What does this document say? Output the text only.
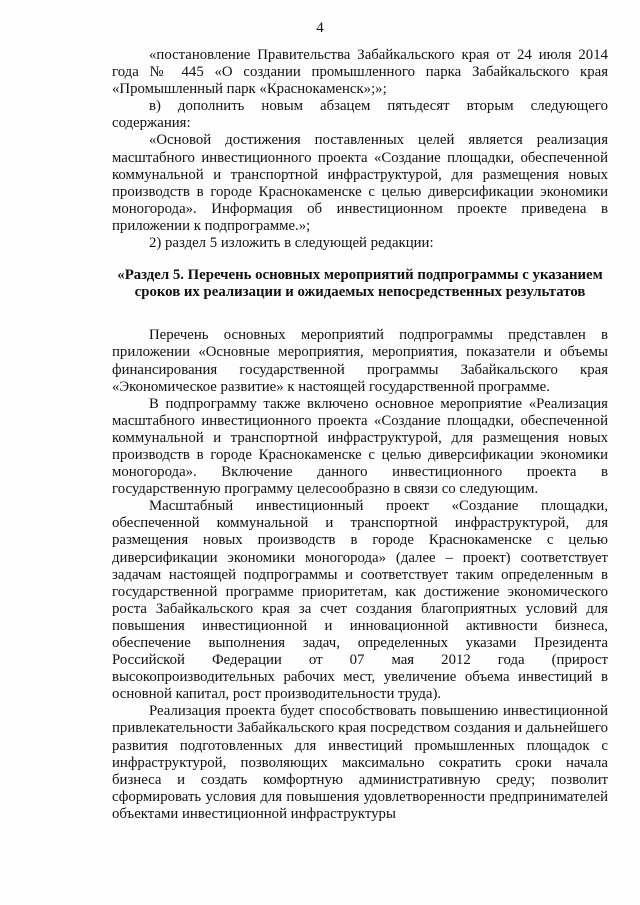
4

«постановление Правительства Забайкальского края от 24 июля 2014 года № 445 «О создании промышленного парка Забайкальского края «Промышленный парк «Краснокаменск»;»;

в) дополнить новым абзацем пятьдесят вторым следующего содержания:

«Основой достижения поставленных целей является реализация масштабного инвестиционного проекта «Создание площадки, обеспеченной коммунальной и транспортной инфраструктурой, для размещения новых производств в городе Краснокаменске с целью диверсификации экономики моногорода». Информация об инвестиционном проекте приведена в приложении к подпрограмме.»;

2) раздел 5 изложить в следующей редакции:

«Раздел 5. Перечень основных мероприятий подпрограммы с указанием сроков их реализации и ожидаемых непосредственных результатов

Перечень основных мероприятий подпрограммы представлен в приложении «Основные мероприятия, мероприятия, показатели и объемы финансирования государственной программы Забайкальского края «Экономическое развитие» к настоящей государственной программе.

В подпрограмму также включено основное мероприятие «Реализация масштабного инвестиционного проекта «Создание площадки, обеспеченной коммунальной и транспортной инфраструктурой, для размещения новых производств в городе Краснокаменске с целью диверсификации экономики моногорода». Включение данного инвестиционного проекта в государственную программу целесообразно в связи со следующим.

Масштабный инвестиционный проект «Создание площадки, обеспеченной коммунальной и транспортной инфраструктурой, для размещения новых производств в городе Краснокаменске с целью диверсификации экономики моногорода» (далее – проект) соответствует задачам настоящей подпрограммы и соответствует таким определенным в государственной программе приоритетам, как достижение экономического роста Забайкальского края за счет создания благоприятных условий для повышения инвестиционной и инновационной активности бизнеса, обеспечение выполнения задач, определенных указами Президента Российской Федерации от 07 мая 2012 года (прирост высокопроизводительных рабочих мест, увеличение объема инвестиций в основной капитал, рост производительности труда).

Реализация проекта будет способствовать повышению инвестиционной привлекательности Забайкальского края посредством создания и дальнейшего развития подготовленных для инвестиций промышленных площадок с инфраструктурой, позволяющих максимально сократить сроки начала бизнеса и создать комфортную административную среду; позволит сформировать условия для повышения удовлетворенности предпринимателей объектами инвестиционной инфраструктуры
